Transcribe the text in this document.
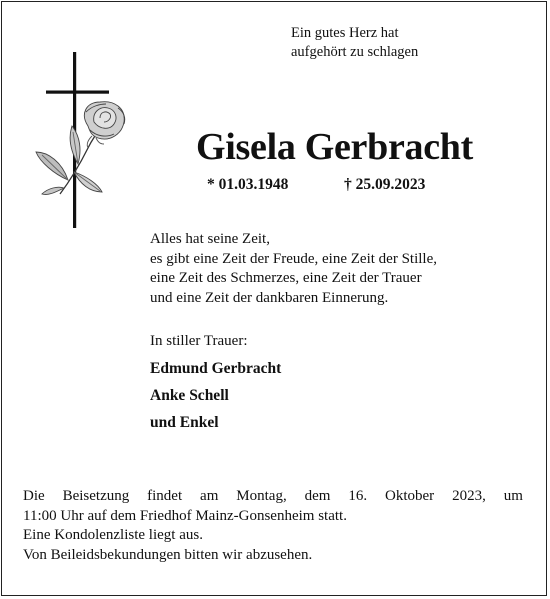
Ein gutes Herz hat
aufgehört zu schlagen
Gisela Gerbracht
* 01.03.1948	† 25.09.2023
Alles hat seine Zeit,
es gibt eine Zeit der Freude, eine Zeit der Stille,
eine Zeit des Schmerzes, eine Zeit der Trauer
und eine Zeit der dankbaren Einnerung.
In stiller Trauer:
Edmund Gerbracht
Anke Schell
und Enkel
Die Beisetzung findet am Montag, dem 16. Oktober 2023, um
11:00 Uhr auf dem Friedhof Mainz-Gonsenheim statt.
Eine Kondolenzliste liegt aus.
Von Beileidsbekundungen bitten wir abzusehen.
